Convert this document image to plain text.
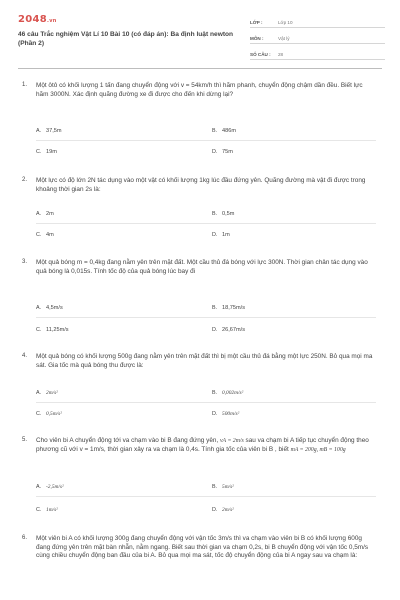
2048.vn
46 câu Trắc nghiệm Vật Lí 10 Bài 10 (có đáp án): Ba định luật newton (Phần 2)
LỚP :	Lớp 10
MÔN :	Vật lý
SỐ CÂU :	28
1. Một ôtô có khối lượng 1 tấn đang chuyển động với v = 54km/h thì hãm phanh, chuyển động chậm dần đều. Biết lực hãm 3000N. Xác định quãng đường xe đi được cho đến khi dừng lại?
A. 37,5m	B. 486m
C. 19m	D. 75m
2. Một lực có độ lớn 2N tác dụng vào một vật có khối lượng 1kg lúc đầu đứng yên. Quãng đường mà vật đi được trong khoảng thời gian 2s là:
A. 2m	B. 0,5m
C. 4m	D. 1m
3. Một quả bóng m = 0,4kg đang nằm yên trên mặt đất. Một cầu thủ đá bóng với lực 300N. Thời gian chân tác dụng vào quả bóng là 0,015s. Tính tốc độ của quả bóng lúc bay đi
A. 4,5m/s	B. 18,75m/s
C. 11,25m/s	D. 26,67m/s
4. Một quả bóng có khối lượng 500g đang nằm yên trên mặt đất thì bị một cầu thủ đá bằng một lực 250N. Bỏ qua mọi ma sát. Gia tốc mà quả bóng thu được là:
A. 2m/s²	B. 0,002m/s²
C. 0,5m/s²	D. 500m/s²
5. Cho viên bi A chuyển động tới va chạm vào bi B đang đứng yên, vA = 2m/s sau va chạm bi A tiếp tục chuyển động theo phương cũ với v = 1m/s, thời gian xảy ra va chạm là 0,4s. Tính gia tốc của viên bi B , biết mA = 200g, mB = 100g
A. -2,5m/s²	B. 5m/s²
C. 1m/s²	D. 2m/s²
6. Một viên bi A có khối lượng 300g đang chuyển động với vận tốc 3m/s thì va chạm vào viên bi B có khối lượng 600g đang đứng yên trên mặt bàn nhẵn, nằm ngang. Biết sau thời gian va chạm 0,2s, bi B chuyển động với vận tốc 0,5m/s cùng chiều chuyển động ban đầu của bi A. Bỏ qua mọi ma sát, tốc độ chuyển động của bi A ngay sau va chạm là:
